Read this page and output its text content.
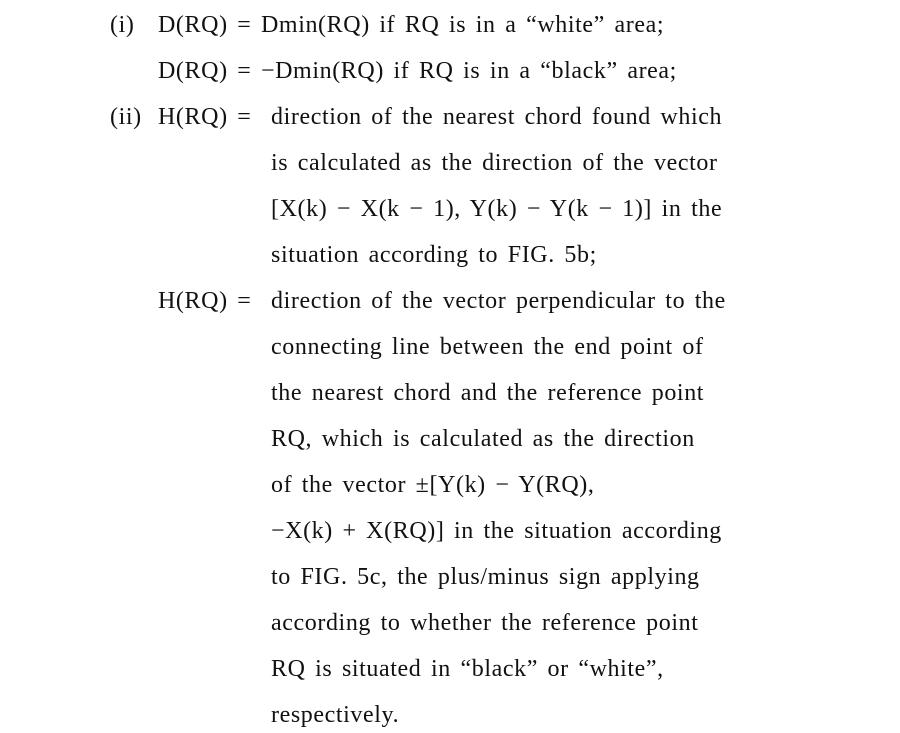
(i) D(RQ) = Dmin(RQ) if RQ is in a “white” area;
D(RQ) = −Dmin(RQ) if RQ is in a “black” area;
(ii) H(RQ) = direction of the nearest chord found which
is calculated as the direction of the vector
[X(k) − X(k − 1), Y(k) − Y(k − 1)] in the
situation according to FIG. 5b;
H(RQ) = direction of the vector perpendicular to the
connecting line between the end point of
the nearest chord and the reference point
RQ, which is calculated as the direction
of the vector ±[Y(k) − Y(RQ),
−X(k) + X(RQ)] in the situation according
to FIG. 5c, the plus/minus sign applying
according to whether the reference point
RQ is situated in “black” or “white”,
respectively.
